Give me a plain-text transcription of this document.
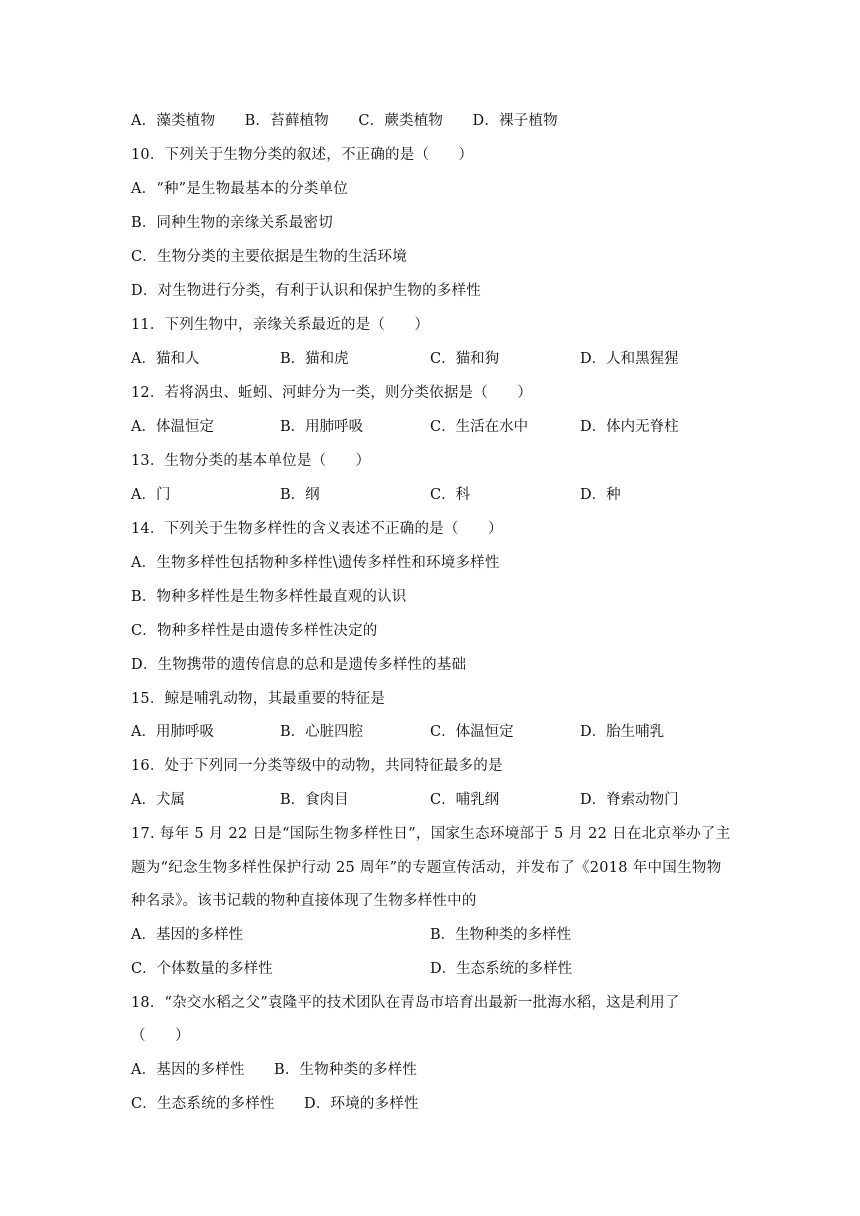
A．藻类植物　　B．苔藓植物　　C．蕨类植物　　D．裸子植物
10．下列关于生物分类的叙述，不正确的是（　　）
A．“种”是生物最基本的分类单位
B．同种生物的亲缘关系最密切
C．生物分类的主要依据是生物的生活环境
D．对生物进行分类，有利于认识和保护生物的多样性
11．下列生物中，亲缘关系最近的是（　　）
A．猫和人	B．猫和虎	C．猫和狗	D．人和黑猩猩
12．若将涡虫、蚯蚓、河蚌分为一类，则分类依据是（　　）
A．体温恒定	B．用肺呼吸	C．生活在水中	D．体内无脊柱
13．生物分类的基本单位是（　　）
A．门	B．纲	C．科	D．种
14．下列关于生物多样性的含义表述不正确的是（　　）
A．生物多样性包括物种多样性\遗传多样性和环境多样性
B．物种多样性是生物多样性最直观的认识
C．物种多样性是由遗传多样性决定的
D．生物携带的遗传信息的总和是遗传多样性的基础
15．鲸是哺乳动物，其最重要的特征是
A．用肺呼吸	B．心脏四腔	C．体温恒定	D．胎生哺乳
16．处于下列同一分类等级中的动物，共同特征最多的是
A．犬属	B．食肉目	C．哺乳纲	D．脊索动物门
17. 每年 5 月 22 日是“国际生物多样性日”，国家生态环境部于 5 月 22 日在北京举办了主
题为“纪念生物多样性保护行动 25 周年”的专题宣传活动，并发布了《2018 年中国生物物
种名录》。该书记载的物种直接体现了生物多样性中的
A．基因的多样性	B．生物种类的多样性
C．个体数量的多样性	D．生态系统的多样性
18．“杂交水稻之父”袁隆平的技术团队在青岛市培育出最新一批海水稻，这是利用了
（　　）
A．基因的多样性　　B．生物种类的多样性
C．生态系统的多样性　　D．环境的多样性
